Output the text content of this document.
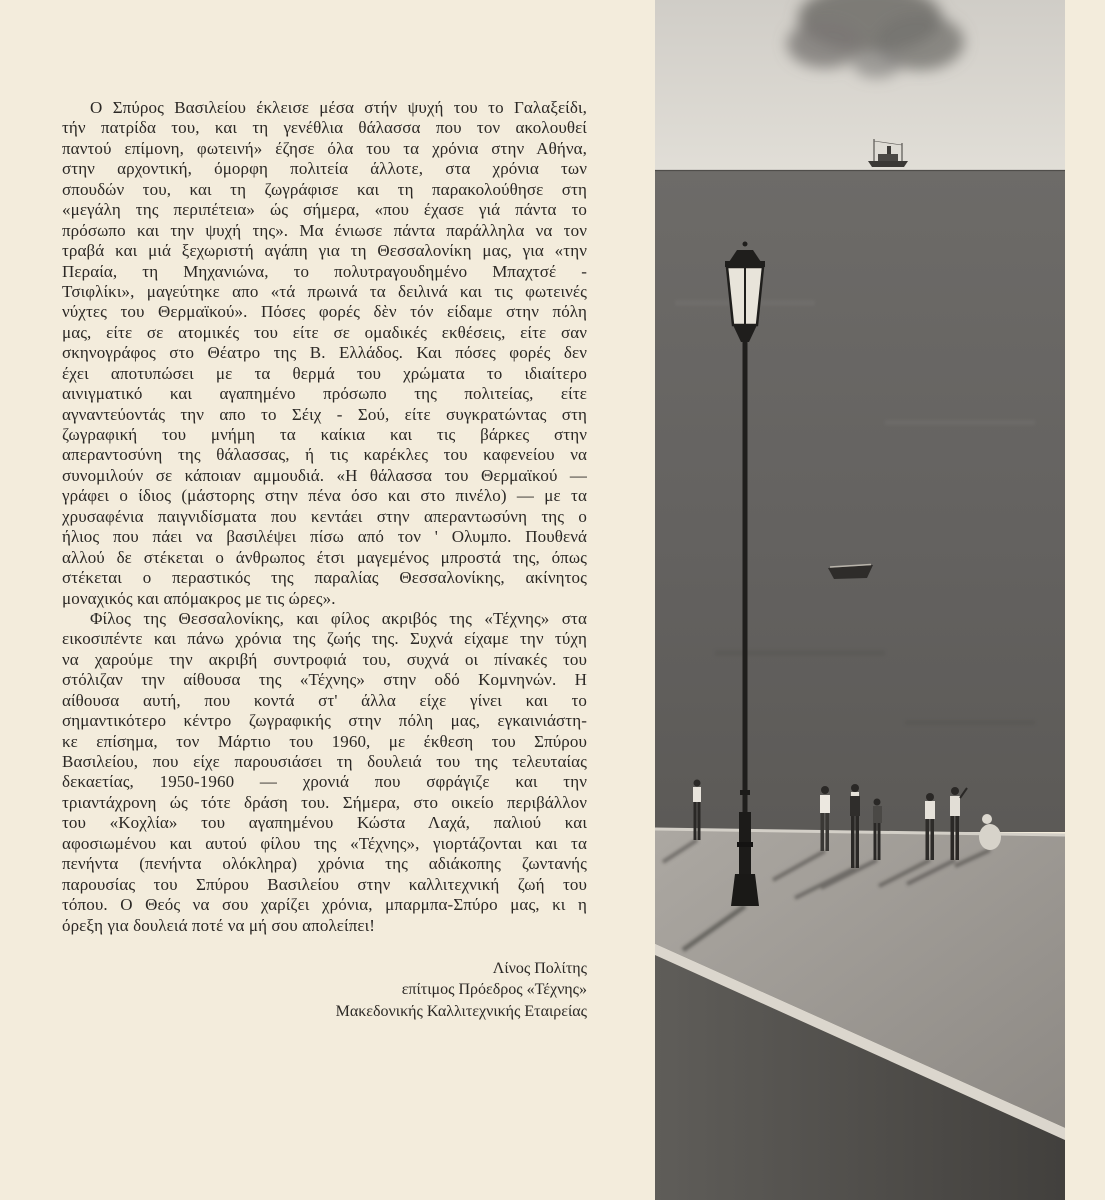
Ο Σπύρος Βασιλείου έκλεισε μέσα στήν ψυχή του το Γαλαξείδι,
τήν πατρίδα του, και τη γενέθλια θάλασσα που τον ακολουθεί
παντού επίμονη, φωτεινή» έζησε όλα του τα χρόνια στην Αθήνα,
στην αρχοντική, όμορφη πολιτεία άλλοτε, στα χρόνια των
σπουδών του, και τη ζωγράφισε και τη παρακολούθησε στη
«μεγάλη της περιπέτεια» ώς σήμερα, «που έχασε γιά πάντα το
πρόσωπο και την ψυχή της». Μα ένιωσε πάντα παράλληλα να τον
τραβά και μιά ξεχωριστή αγάπη για τη Θεσσαλονίκη μας, για «την
Περαία, τη Μηχανιώνα, το πολυτραγουδημένο Μπαχτσέ -
Τσιφλίκι», μαγεύτηκε απο «τά πρωινά τα δειλινά και τις φωτεινές
νύχτες του Θερμαϊκού». Πόσες φορές δὲν τόν είδαμε στην πόλη
μας, είτε σε ατομικές του είτε σε ομαδικές εκθέσεις, είτε σαν
σκηνογράφος στο Θέατρο της Β. Ελλάδος. Και πόσες φορές δεν
έχει αποτυπώσει με τα θερμά του χρώματα το ιδιαίτερο
αινιγματικό και αγαπημένο πρόσωπο της πολιτείας, είτε
αγναντεύοντάς την απο το Σέιχ - Σού, είτε συγκρατώντας στη
ζωγραφική του μνήμη τα καίκια και τις βάρκες στην
απεραντοσύνη της θάλασσας, ή τις καρέκλες του καφενείου να
συνομιλούν σε κάποιαν αμμουδιά. «Η θάλασσα του Θερμαϊκού —
γράφει ο ίδιος (μάστορης στην πένα όσο και στο πινέλο) — με τα
χρυσαφένια παιγνιδίσματα που κεντάει στην απεραντωσύνη της ο
ήλιος που πάει να βασιλέψει πίσω από τον ' Ολυμπο. Πουθενά
αλλού δε στέκεται ο άνθρωπος έτσι μαγεμένος μπροστά της, όπως
στέκεται ο περαστικός της παραλίας Θεσσαλονίκης, ακίνητος
μοναχικός και απόμακρος με τις ώρες».
Φίλος της Θεσσαλονίκης, και φίλος ακριβός της «Τέχνης» στα
εικοσιπέντε και πάνω χρόνια της ζωής της. Συχνά είχαμε την τύχη
να χαρούμε την ακριβή συντροφιά του, συχνά οι πίνακές του
στόλιζαν την αίθουσα της «Τέχνης» στην οδό Κομνηνών. Η
αίθουσα αυτή, που κοντά στ' άλλα είχε γίνει και το
σημαντικότερο κέντρο ζωγραφικής στην πόλη μας, εγκαινιάστη-
κε επίσημα, τον Μάρτιο του 1960, με έκθεση του Σπύρου
Βασιλείου, που είχε παρουσιάσει τη δουλειά του της τελευταίας
δεκαετίας, 1950-1960 — χρονιά που σφράγιζε και την
τριαντάχρονη ώς τότε δράση του. Σήμερα, στο οικείο περιβάλλον
του «Κοχλία» του αγαπημένου Κώστα Λαχά, παλιού και
αφοσιωμένου και αυτού φίλου της «Τέχνης», γιορτάζονται και τα
πενήντα (πενήντα ολόκληρα) χρόνια της αδιάκοπης ζωντανής
παρουσίας του Σπύρου Βασιλείου στην καλλιτεχνική ζωή του
τόπου. Ο Θεός να σου χαρίζει χρόνια, μπαρμπα-Σπύρο μας, κι η
όρεξη για δουλειά ποτέ να μή σου απολείπει!
Λίνος Πολίτης
επίτιμος Πρόεδρος «Τέχνης»
Μακεδονικής Καλλιτεχνικής Εταιρείας
